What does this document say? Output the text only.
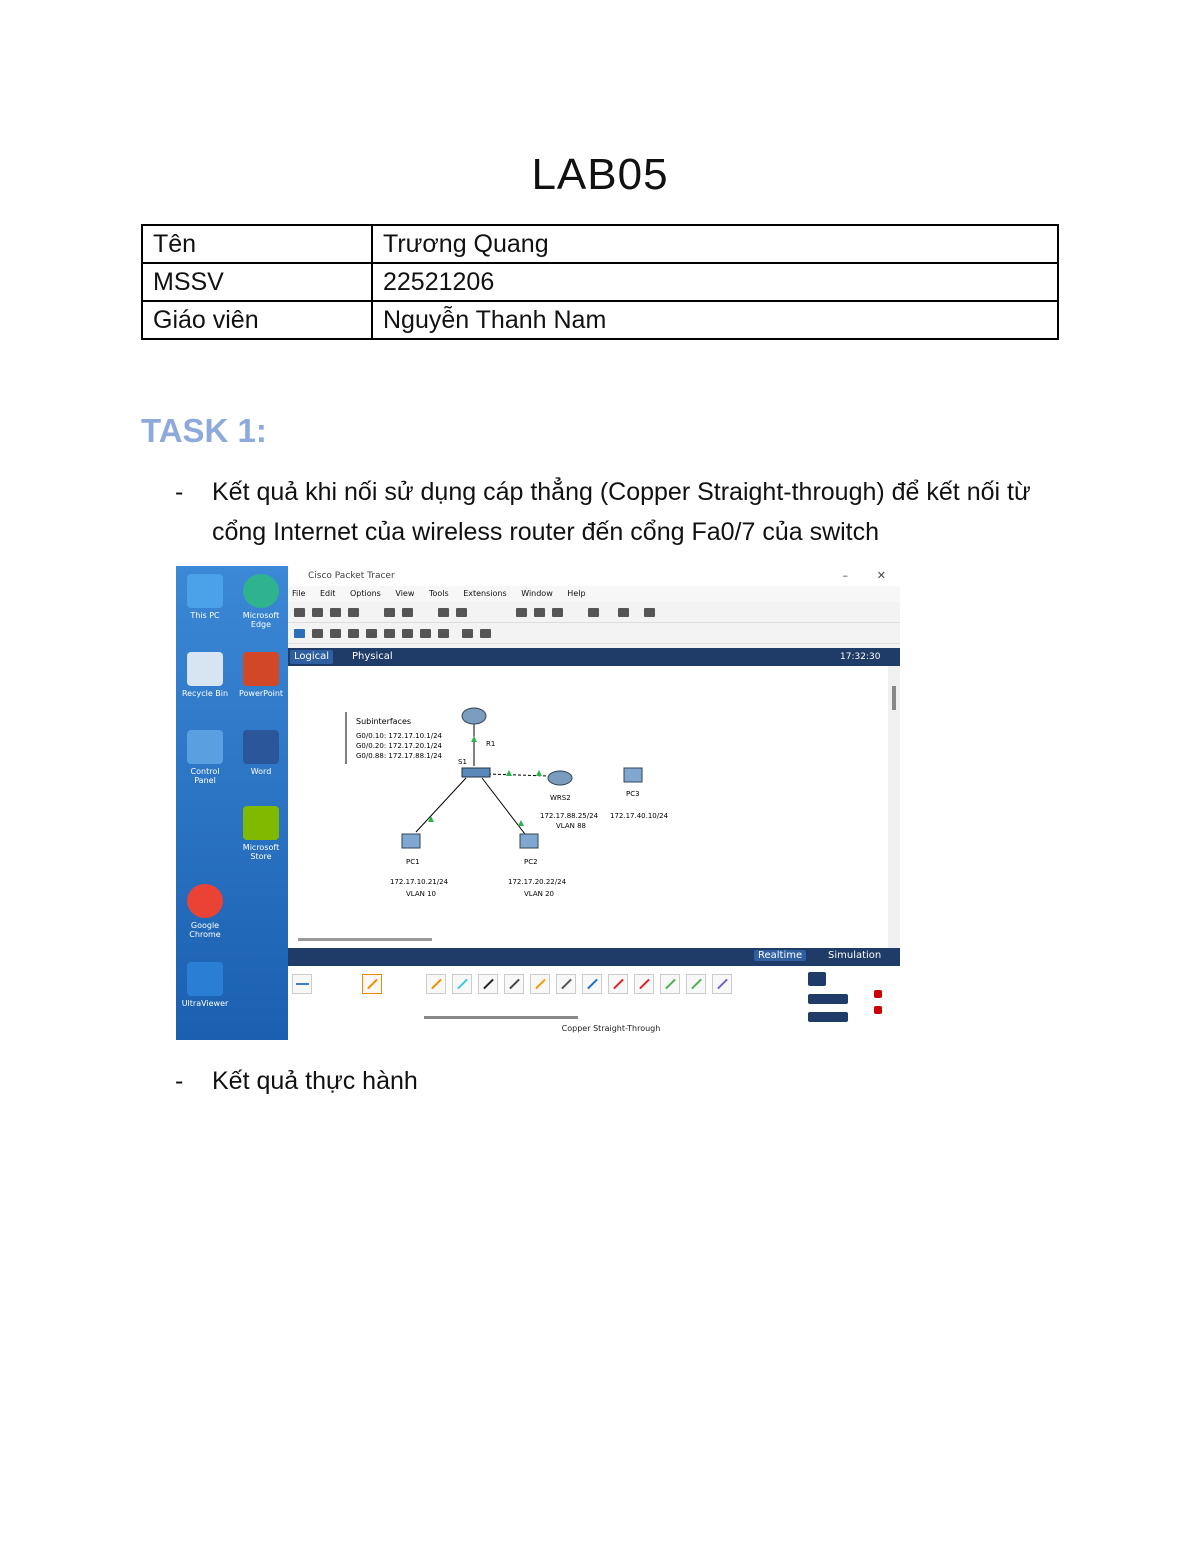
LAB05
Tên	Trương Quang
MSSV	22521206
Giáo viên	Nguyễn Thanh Nam
TASK 1:
- Kết quả khi nối sử dụng cáp thẳng (Copper Straight-through) để kết nối từ cổng Internet của wireless router đến cổng Fa0/7 của switch
This PC	Microsoft Edge
Recycle Bin	PowerPoint
Control Panel
Word
Google Chrome
Microsoft Store
UltraViewer
Cisco Packet Tracer	–	✕
File Edit Options View Tools Extensions Window Help
Logical	Physical	17:32:30
Subinterfaces
G0/0.10: 172.17.10.1/24
G0/0.20: 172.17.20.1/24
G0/0.88: 172.17.88.1/24
R1
S1
WRS2
172.17.88.25/24
VLAN 88
PC3
172.17.40.10/24
PC1
172.17.10.21/24
VLAN 10
PC2
172.17.20.22/24
VLAN 20
Realtime	Simulation
Copper Straight-Through
- Kết quả thực hành
